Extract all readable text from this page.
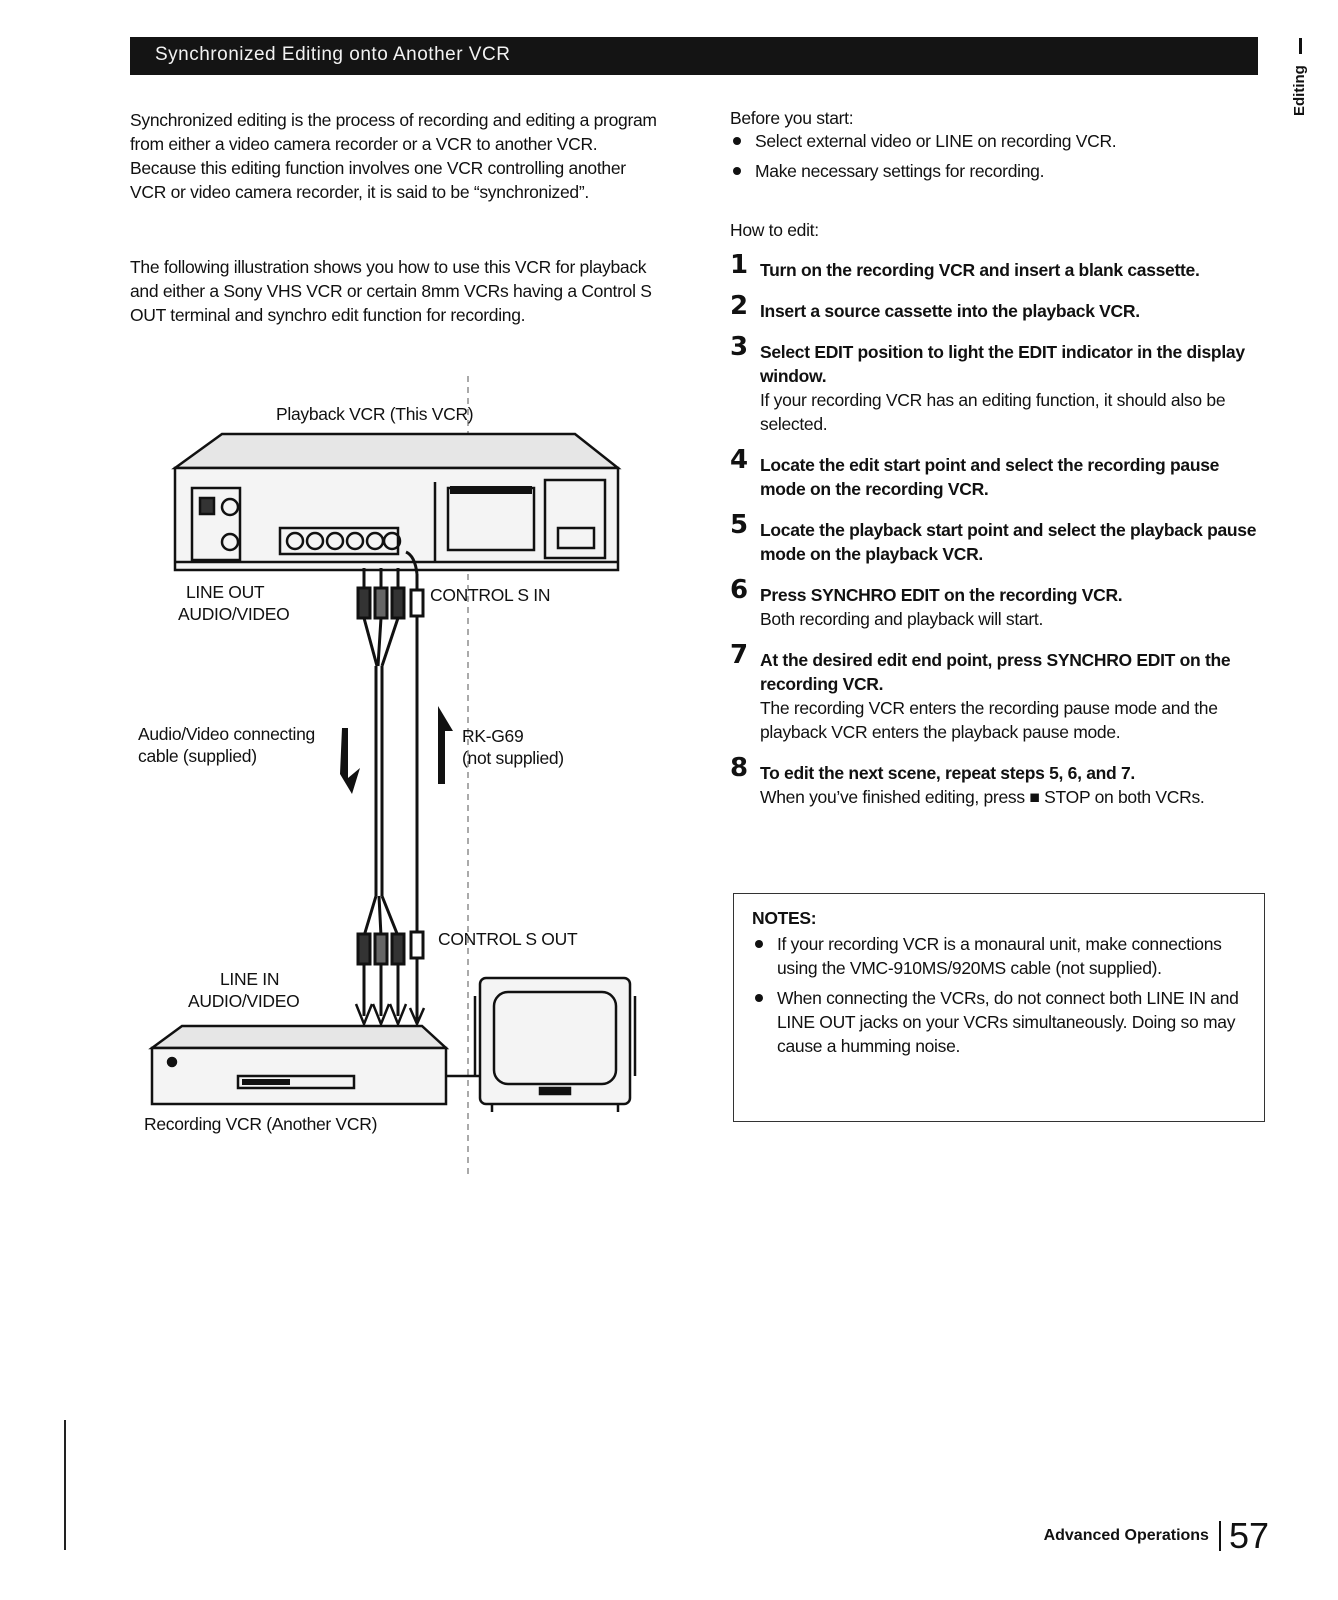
Synchronized Editing onto Another VCR
Editing

Synchronized editing is the process of recording and editing a program from either a video camera recorder or a VCR to another VCR. Because this editing function involves one VCR controlling another VCR or video camera recorder, it is said to be “synchronized”.

The following illustration shows you how to use this VCR for playback and either a Sony VHS VCR or certain 8mm VCRs having a Control S OUT terminal and synchro edit function for recording.

Playback VCR (This VCR)
LINE OUT
AUDIO/VIDEO
CONTROL S IN
Audio/Video connecting
cable (supplied)
RK-G69
(not supplied)
CONTROL S OUT
LINE IN
AUDIO/VIDEO
Recording VCR (Another VCR)
Before you start:
Select external video or LINE on recording VCR.
Make necessary settings for recording.
How to edit:
1 Turn on the recording VCR and insert a blank cassette.
2 Insert a source cassette into the playback VCR.
3 Select EDIT position to light the EDIT indicator in the display window.
If your recording VCR has an editing function, it should also be selected.
4 Locate the edit start point and select the recording pause mode on the recording VCR.
5 Locate the playback start point and select the playback pause mode on the playback VCR.
6 Press SYNCHRO EDIT on the recording VCR.
Both recording and playback will start.
7 At the desired edit end point, press SYNCHRO EDIT on the recording VCR.
The recording VCR enters the recording pause mode and the playback VCR enters the playback pause mode.
8 To edit the next scene, repeat steps 5, 6, and 7.
When you’ve finished editing, press ■ STOP on both VCRs.
NOTES:
If your recording VCR is a monaural unit, make connections using the VMC-910MS/920MS cable (not supplied).
When connecting the VCRs, do not connect both LINE IN and LINE OUT jacks on your VCRs simultaneously. Doing so may cause a humming noise.
Advanced Operations 57
